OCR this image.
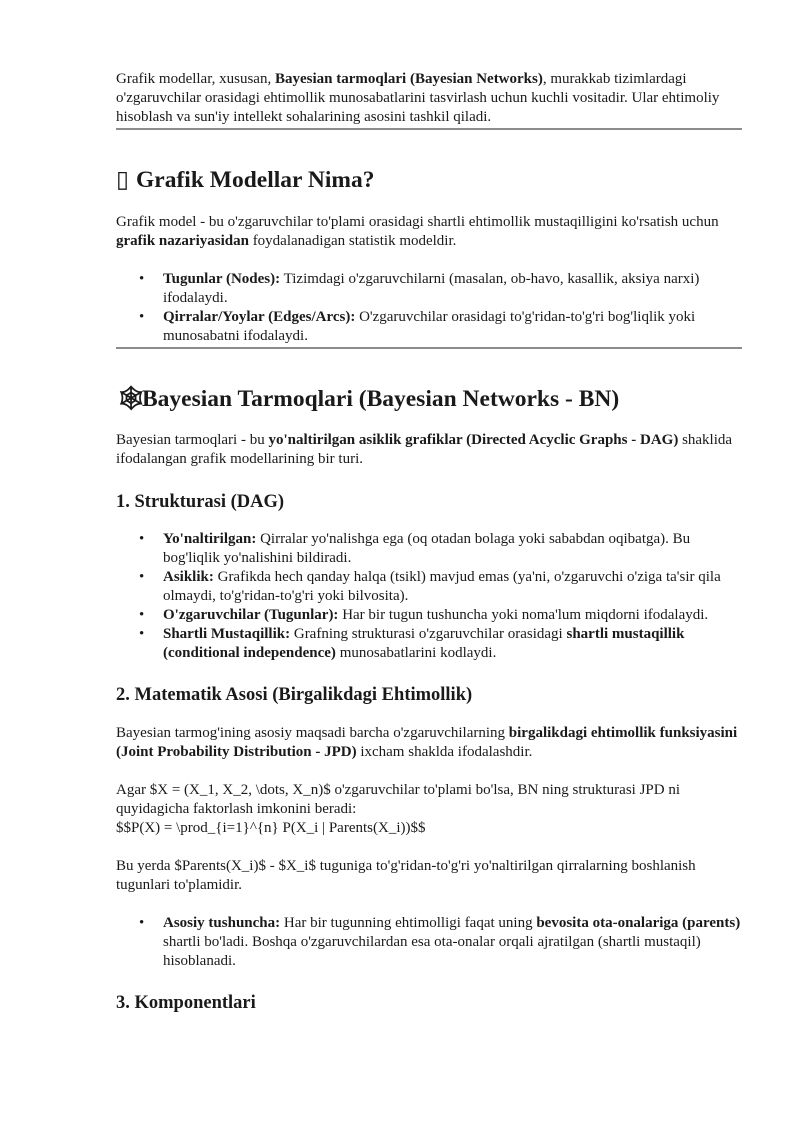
Grafik modellar, xususan, Bayesian tarmoqlari (Bayesian Networks), murakkab tizimlardagi o'zgaruvchilar orasidagi ehtimollik munosabatlarini tasvirlash uchun kuchli vositadir. Ular ehtimoliy hisoblash va sun'iy intellekt sohalarining asosini tashkil qiladi.

▯ Grafik Modellar Nima?

Grafik model - bu o'zgaruvchilar to'plami orasidagi shartli ehtimollik mustaqilligini ko'rsatish uchun grafik nazariyasidan foydalanadigan statistik modeldir.

• Tugunlar (Nodes): Tizimdagi o'zgaruvchilarni (masalan, ob-havo, kasallik, aksiya narxi) ifodalaydi.
• Qirralar/Yoylar (Edges/Arcs): O'zgaruvchilar orasidagi to'g'ridan-to'g'ri bog'liqlik yoki munosabatni ifodalaydi.
🕸Bayesian Tarmoqlari (Bayesian Networks - BN)

Bayesian tarmoqlari - bu yo'naltirilgan asiklik grafiklar (Directed Acyclic Graphs - DAG) shaklida ifodalangan grafik modellarining bir turi.

1. Strukturasi (DAG)
• Yo'naltirilgan: Qirralar yo'nalishga ega (oq otadan bolaga yoki sababdan oqibatga). Bu bog'liqlik yo'nalishini bildiradi.
• Asiklik: Grafikda hech qanday halqa (tsikl) mavjud emas (ya'ni, o'zgaruvchi o'ziga ta'sir qila olmaydi, to'g'ridan-to'g'ri yoki bilvosita).
• O'zgaruvchilar (Tugunlar): Har bir tugun tushuncha yoki noma'lum miqdorni ifodalaydi.
• Shartli Mustaqillik: Grafning strukturasi o'zgaruvchilar orasidagi shartli mustaqillik (conditional independence) munosabatlarini kodlaydi.
2. Matematik Asosi (Birgalikdagi Ehtimollik)

Bayesian tarmog'ining asosiy maqsadi barcha o'zgaruvchilarning birgalikdagi ehtimollik funksiyasini (Joint Probability Distribution - JPD) ixcham shaklda ifodalashdir.

Agar $X = (X_1, X_2, \dots, X_n)$ o'zgaruvchilar to'plami bo'lsa, BN ning strukturasi JPD ni quyidagicha faktorlash imkonini beradi:
$$P(X) = \prod_{i=1}^{n} P(X_i | Parents(X_i))$$

Bu yerda $Parents(X_i)$ - $X_i$ tuguniga to'g'ridan-to'g'ri yo'naltirilgan qirralarning boshlanish tugunlari to'plamidir.

• Asosiy tushuncha: Har bir tugunning ehtimolligi faqat uning bevosita ota-onalariga (parents) shartli bo'ladi. Boshqa o'zgaruvchilardan esa ota-onalar orqali ajratilgan (shartli mustaqil) hisoblanadi.
3. Komponentlari
